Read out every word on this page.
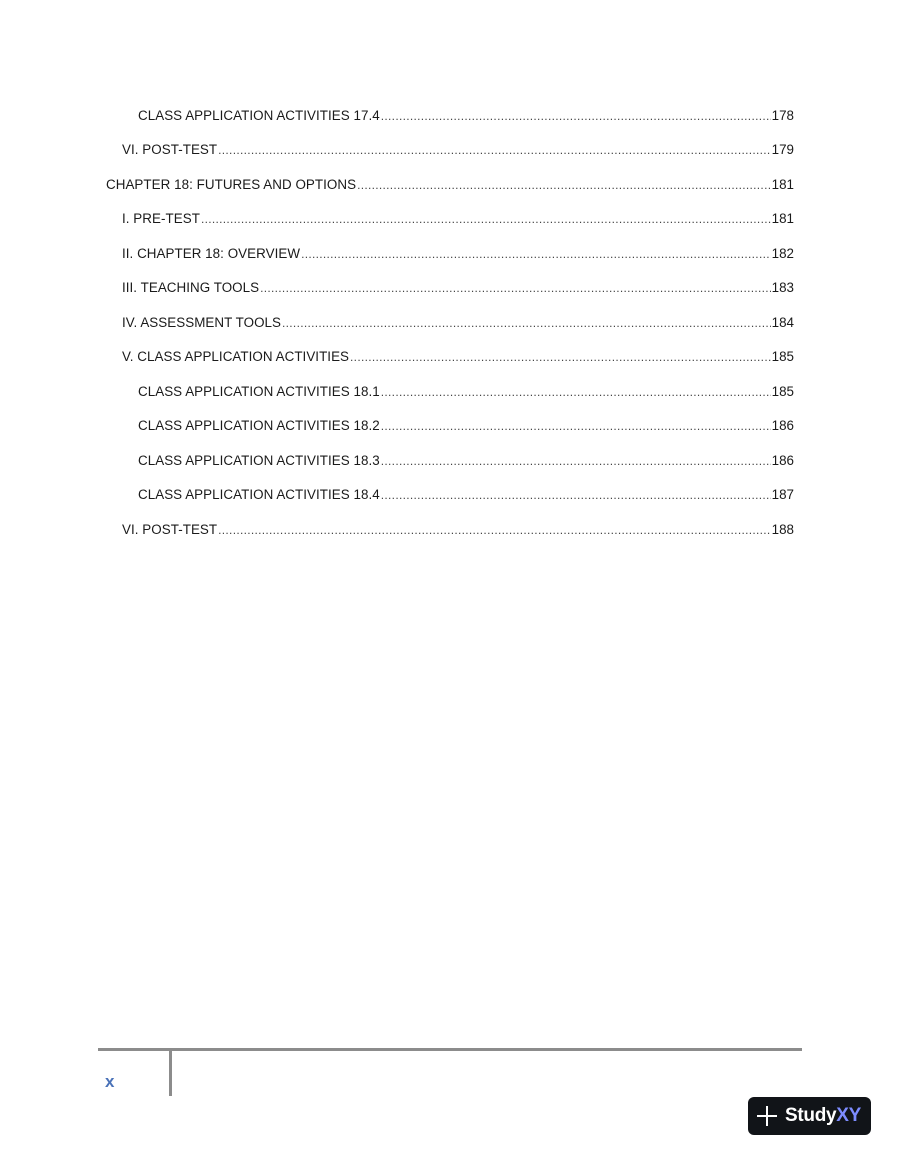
CLASS APPLICATION ACTIVITIES 17.4 .....	178
VI. POST-TEST .....	179
CHAPTER 18: FUTURES AND OPTIONS .....	181
I. PRE-TEST .....	181
II. CHAPTER 18: OVERVIEW .....	182
III. TEACHING TOOLS .....	183
IV. ASSESSMENT TOOLS .....	184
V. CLASS APPLICATION ACTIVITIES .....	185
CLASS APPLICATION ACTIVITIES 18.1 .....	185
CLASS APPLICATION ACTIVITIES 18.2 .....	186
CLASS APPLICATION ACTIVITIES 18.3 .....	186
CLASS APPLICATION ACTIVITIES 18.4 .....	187
VI. POST-TEST .....	188
x
StudyXY
